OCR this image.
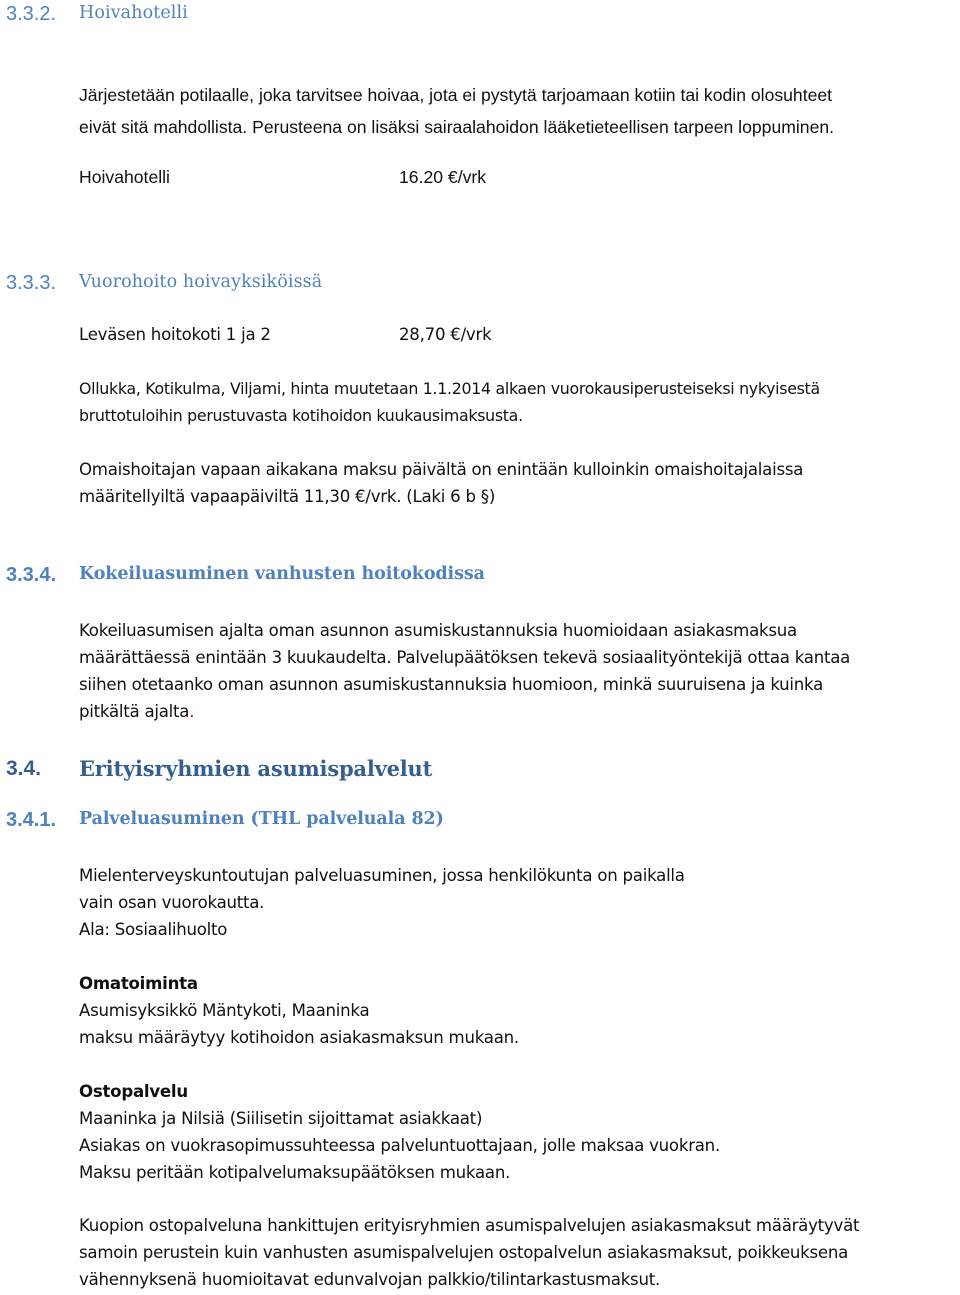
3.3.2. Hoivahotelli
Järjestetään potilaalle, joka tarvitsee hoivaa, jota ei pystytä tarjoamaan kotiin tai kodin olosuhteet
eivät sitä mahdollista. Perusteena on lisäksi sairaalahoidon lääketieteellisen tarpeen loppuminen.
Hoivahotelli	16.20 €/vrk
3.3.3. Vuorohoito hoivayksiköissä
Leväsen hoitokoti 1 ja 2	28,70 €/vrk
Ollukka, Kotikulma, Viljami, hinta muutetaan 1.1.2014 alkaen vuorokausiperusteiseksi nykyisestä
bruttotuloihin perustuvasta kotihoidon kuukausimaksusta.
Omaishoitajan vapaan aikakana maksu päivältä on enintään kulloinkin omaishoitajalaissa
määritellyiltä vapaapäiviltä 11,30 €/vrk. (Laki 6 b §)
3.3.4. Kokeiluasuminen vanhusten hoitokodissa
Kokeiluasumisen ajalta oman asunnon asumiskustannuksia huomioidaan asiakasmaksua
määrättäessä enintään 3 kuukaudelta. Palvelupäätöksen tekevä sosiaalityöntekijä ottaa kantaa
siihen otetaanko oman asunnon asumiskustannuksia huomioon, minkä suuruisena ja kuinka
pitkältä ajalta.
3.4. Erityisryhmien asumispalvelut
3.4.1. Palveluasuminen (THL palveluala 82)
Mielenterveyskuntoutujan palveluasuminen, jossa henkilökunta on paikalla
vain osan vuorokautta.
Ala: Sosiaalihuolto
Omatoiminta
Asumisyksikkö Mäntykoti, Maaninka
maksu määräytyy kotihoidon asiakasmaksun mukaan.
Ostopalvelu
Maaninka ja Nilsiä (Siilisetin sijoittamat asiakkaat)
Asiakas on vuokrasopimussuhteessa palveluntuottajaan, jolle maksaa vuokran.
Maksu peritään kotipalvelumaksupäätöksen mukaan.
Kuopion ostopalveluna hankittujen erityisryhmien asumispalvelujen asiakasmaksut määräytyvät
samoin perustein kuin vanhusten asumispalvelujen ostopalvelun asiakasmaksut, poikkeuksena
vähennyksenä huomioitavat edunvalvojan palkkio/tilintarkastusmaksut.
